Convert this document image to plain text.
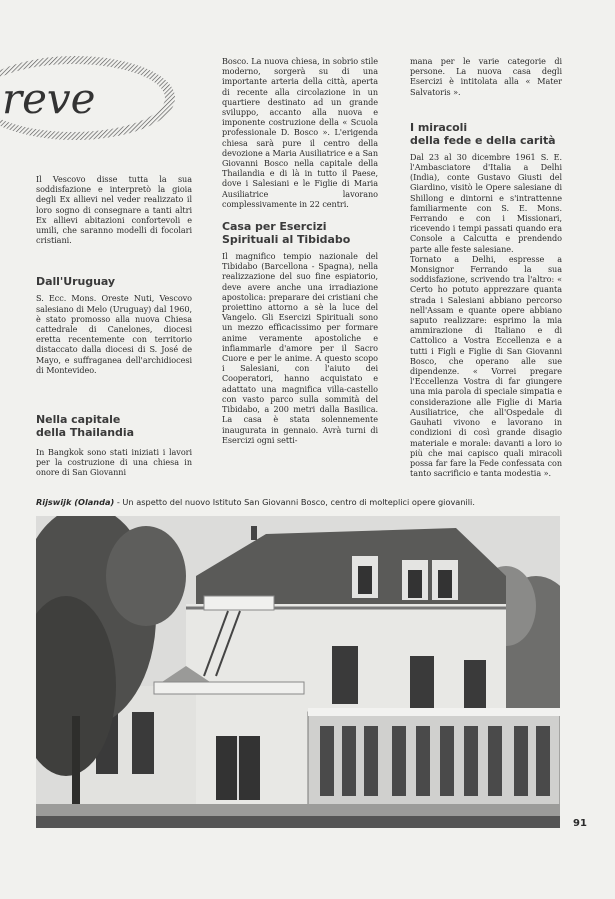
reve

Il Vescovo disse tutta la sua soddisfazione e interpretò la gioia degli Ex allievi nel veder realizzato il loro sogno di consegnare a tanti altri Ex allievi abitazioni confortevoli e umili, che saranno modelli di focolari cristiani.

Dall'Uruguay

S. Ecc. Mons. Oreste Nuti, Vescovo salesiano di Melo (Uruguay) dal 1960, è stato promosso alla nuova Chiesa cattedrale di Canelones, diocesi eretta recentemente con territorio distaccato dalla diocesi di S. José de Mayo, e suffraganea dell'archidiocesi di Montevideo.

Nella capitale

della Thailandia

In Bangkok sono stati iniziati i lavori per la costruzione di una chiesa in onore di San Giovanni

Bosco. La nuova chiesa, in sobrio stile moderno, sorgerà su di una importante arteria della città, aperta di recente alla circolazione in un quartiere destinato ad un grande sviluppo, accanto alla nuova e imponente costruzione della « Scuola professionale D. Bosco ». L'erigenda chiesa sarà pure il centro della devozione a Maria Ausiliatrice e a San Giovanni Bosco nella capitale della Thailandia e di là in tutto il Paese, dove i Salesiani e le Figlie di Maria Ausiliatrice lavorano complessivamente in 22 centri.

Casa per Esercizi

Spirituali al Tibidabo

Il magnifico tempio nazionale del Tibidabo (Barcellona - Spagna), nella realizzazione del suo fine espiatorio, deve avere anche una irradiazione apostolica: preparare dei cristiani che proiettino attorno a sè la luce del Vangelo. Gli Esercizi Spirituali sono un mezzo efficacissimo per formare anime veramente apostoliche e infiammarle d'amore per il Sacro Cuore e per le anime. A questo scopo i Salesiani, con l'aiuto dei Cooperatori, hanno acquistato e adattato una magnifica villa-castello con vasto parco sulla sommità del Tibidabo, a 200 metri dalla Basilica. La casa è stata solennemente inaugurata in gennaio. Avrà turni di Esercizi ogni setti-

mana per le varie categorie di persone. La nuova casa degli Esercizi è intitolata alla « Mater Salvatoris ».

I miracoli

della fede e della carità

Dal 23 al 30 dicembre 1961 S. E. l'Ambasciatore d'Italia a Delhi (India), conte Gustavo Giusti del Giardino, visitò le Opere salesiane di Shillong e dintorni e s'intrattenne familiarmente con S. E. Mons. Ferrando e con i Missionari, ricevendo i tempi passati quando era Console a Calcutta e prendendo parte alle feste salesiane.

Tornato a Delhi, espresse a Monsignor Ferrando la sua soddisfazione, scrivendo tra l'altro: « Certo ho potuto apprezzare quanta strada i Salesiani abbiano percorso nell'Assam e quante opere abbiano saputo realizzare: esprimo la mia ammirazione di Italiano e di Cattolico a Vostra Eccellenza e a tutti i Figli e Figlie di San Giovanni Bosco, che operano alle sue dipendenze. « Vorrei pregare l'Eccellenza Vostra di far giungere una mia parola di speciale simpatia e considerazione alle Figlie di Maria Ausiliatrice, che all'Ospedale di Gauhati vivono e lavorano in condizioni di così grande disagio materiale e morale: davanti a loro io più che mai capisco quali miracoli possa far fare la Fede confessata con tanto sacrificio e tanta modestia ».

Rijswijk (Olanda) - Un aspetto del nuovo Istituto San Giovanni Bosco, centro di molteplici opere giovanili.
91
